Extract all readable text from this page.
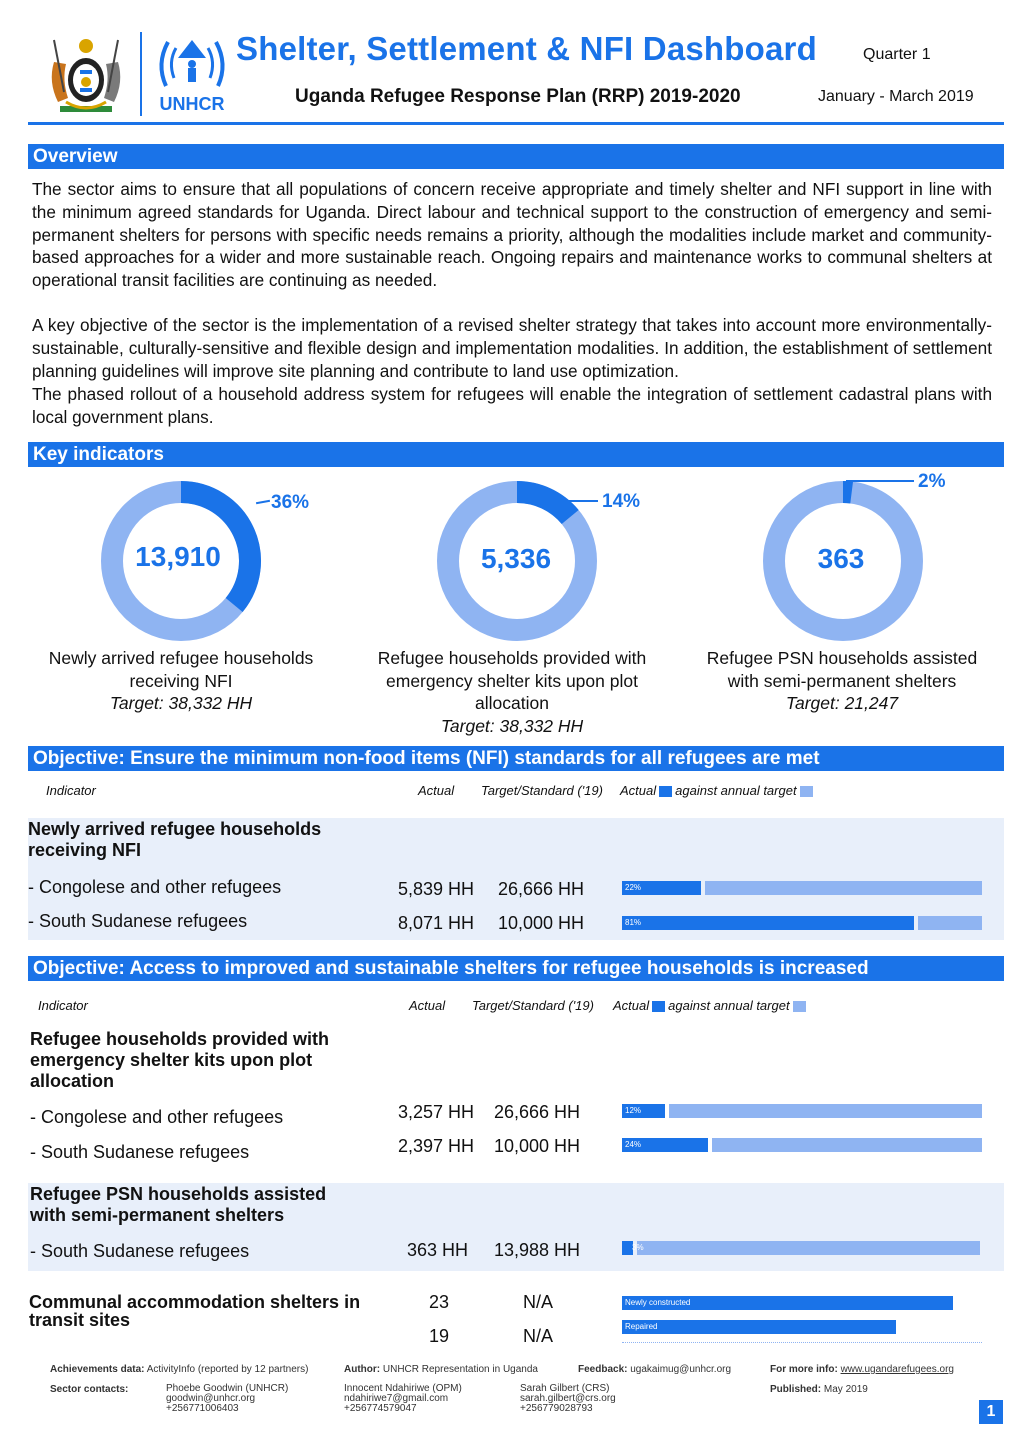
UNHCR
Shelter, Settlement & NFI Dashboard	Quarter 1
Uganda Refugee Response Plan (RRP) 2019-2020	January - March 2019
Overview
The sector aims to ensure that all populations of concern receive appropriate and timely shelter and NFI support in line with the minimum agreed standards for Uganda. Direct labour and technical support to the construction of emergency and semi-permanent shelters for persons with specific needs remains a priority, although the modalities include market and community-based approaches for a wider and more sustainable reach. Ongoing repairs and maintenance works to communal shelters at operational transit facilities are continuing as needed.
A key objective of the sector is the implementation of a revised shelter strategy that takes into account more environmentally-sustainable, culturally-sensitive and flexible design and implementation modalities. In addition, the establishment of settlement planning guidelines will improve site planning and contribute to land use optimization.
The phased rollout of a household address system for refugees will enable the integration of settlement cadastral plans with local government plans.
Key indicators
13,910
36%
Newly arrived refugee households receiving NFI
Target: 38,332 HH
5,336
14%
Refugee households provided with emergency shelter kits upon plot allocation
Target: 38,332 HH
363
2%
Refugee PSN households assisted with semi-permanent shelters
Target: 21,247
Objective: Ensure the minimum non-food items (NFI) standards for all refugees are met
Indicator	Actual Target/Standard ('19) Actual against annual target
Newly arrived refugee households receiving NFI
- Congolese and other refugees	5,839 HH 26,666 HH	22%
- South Sudanese refugees	8,071 HH 10,000 HH	81%
Objective: Access to improved and sustainable shelters for refugee households is increased
Indicator	Actual Target/Standard ('19) Actual against annual target
Refugee households provided with emergency shelter kits upon plot allocation
- Congolese and other refugees	3,257 HH 26,666 HH	12%
- South Sudanese refugees	2,397 HH 10,000 HH	24%
Refugee PSN households assisted with semi-permanent shelters
- South Sudanese refugees	363 HH 13,988 HH	3%
Communal accommodation shelters in transit sites
23	N/A	Newly constructed
19	N/A	Repaired
Achievements data: ActivityInfo (reported by 12 partners)	Author: UNHCR Representation in Uganda	Feedback: ugakaimug@unhcr.org	For more info: www.ugandarefugees.org
Sector contacts:	Phoebe Goodwin (UNHCR)
goodwin@unhcr.org
+256771006403
Innocent Ndahiriwe (OPM)
ndahiriwe7@gmail.com
+256774579047
Sarah Gilbert (CRS)
sarah.gilbert@crs.org
+256779028793
Published: May 2019
1
